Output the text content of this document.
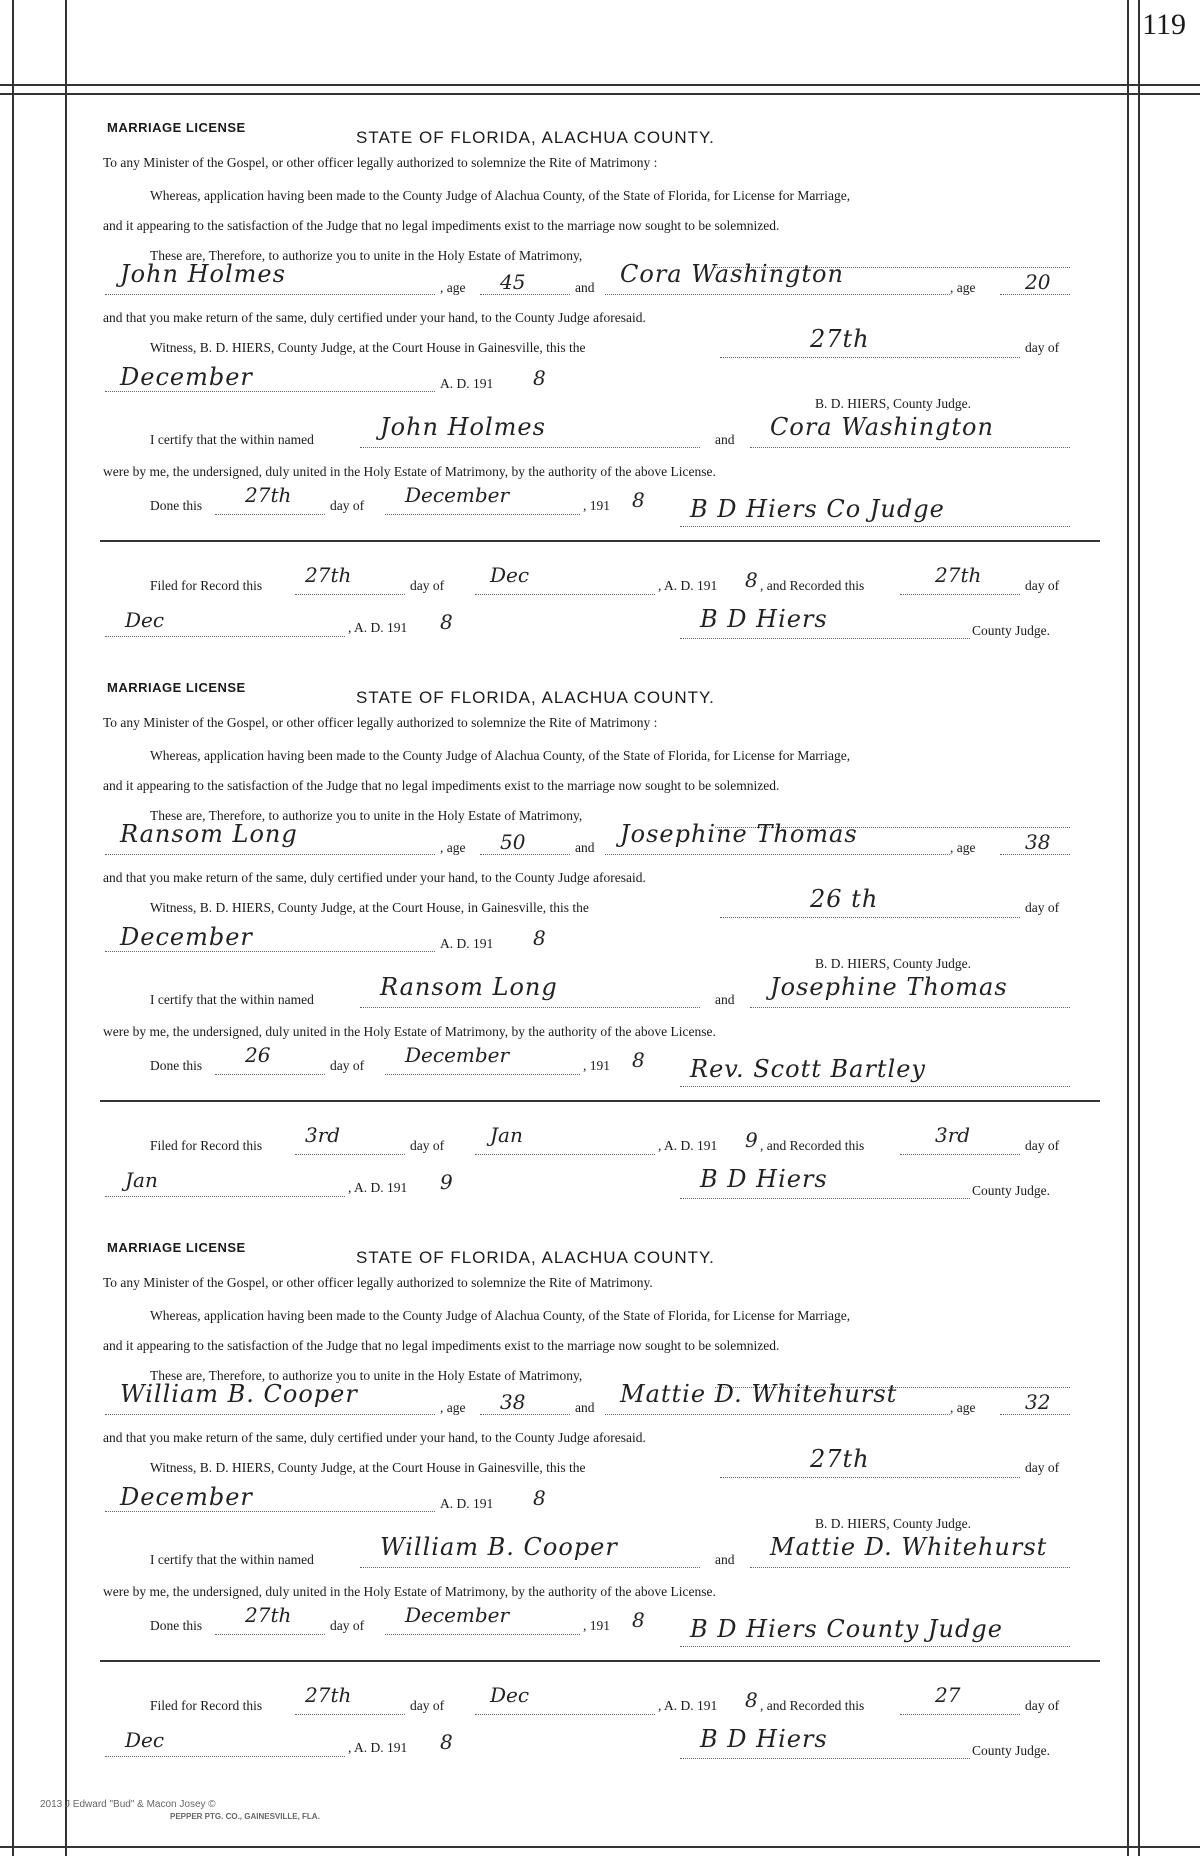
119
MARRIAGE LICENSE
STATE OF FLORIDA, ALACHUA COUNTY.
To any Minister of the Gospel, or other officer legally authorized to solemnize the Rite of Matrimony :
Whereas, application having been made to the County Judge of Alachua County, of the State of Florida, for License for Marriage,
and it appearing to the satisfaction of the Judge that no legal impediments exist to the marriage now sought to be solemnized.
These are, Therefore, to authorize you to unite in the Holy Estate of Matrimony,
John Holmes	, age 45	and Cora Washington	, age 20
and that you make return of the same, duly certified under your hand, to the County Judge aforesaid.
Witness, B. D. HIERS, County Judge, at the Court House in Gainesville, this the	27th	day of
December	A. D. 191 8
B. D. HIERS, County Judge.
I certify that the within named	John Holmes	and Cora Washington
were by me, the undersigned, duly united in the Holy Estate of Matrimony, by the authority of the above License.
Done this 27th	day of December	, 191 8 B D Hiers Co Judge
Filed for Record this 27th	day of Dec	, A. D. 191 8 , and Recorded this	27th	day of
Dec	, A. D. 191 8	B D Hiers	County Judge.
MARRIAGE LICENSE
STATE OF FLORIDA, ALACHUA COUNTY.
To any Minister of the Gospel, or other officer legally authorized to solemnize the Rite of Matrimony :
Whereas, application having been made to the County Judge of Alachua County, of the State of Florida, for License for Marriage,
and it appearing to the satisfaction of the Judge that no legal impediments exist to the marriage now sought to be solemnized.
These are, Therefore, to authorize you to unite in the Holy Estate of Matrimony,
Ransom Long	, age 50	and Josephine Thomas	, age 38
and that you make return of the same, duly certified under your hand, to the County Judge aforesaid.
Witness, B. D. HIERS, County Judge, at the Court House, in Gainesville, this the	26 th	day of
December	A. D. 191 8
B. D. HIERS, County Judge.
I certify that the within named	Ransom Long	and Josephine Thomas
were by me, the undersigned, duly united in the Holy Estate of Matrimony, by the authority of the above License.
Done this 26	day of December	, 191 8 Rev. Scott Bartley
Filed for Record this 3rd	day of Jan	, A. D. 191 9 , and Recorded this	3rd	day of
Jan	, A. D. 191 9	B D Hiers	County Judge.
MARRIAGE LICENSE
STATE OF FLORIDA, ALACHUA COUNTY.
To any Minister of the Gospel, or other officer legally authorized to solemnize the Rite of Matrimony.
Whereas, application having been made to the County Judge of Alachua County, of the State of Florida, for License for Marriage,
and it appearing to the satisfaction of the Judge that no legal impediments exist to the marriage now sought to be solemnized.
These are, Therefore, to authorize you to unite in the Holy Estate of Matrimony,
William B. Cooper	, age 38	and Mattie D. Whitehurst	, age 32
and that you make return of the same, duly certified under your hand, to the County Judge aforesaid.
Witness, B. D. HIERS, County Judge, at the Court House in Gainesville, this the	27th	day of
December	A. D. 191 8
B. D. HIERS, County Judge.
I certify that the within named	William B. Cooper	and Mattie D. Whitehurst
were by me, the undersigned, duly united in the Holy Estate of Matrimony, by the authority of the above License.
Done this 27th	day of December	, 191 8 B D Hiers County Judge
Filed for Record this 27th	day of Dec	, A. D. 191 8 , and Recorded this	27	day of
Dec	, A. D. 191 8	B D Hiers	County Judge.
2013 J Edward "Bud" & Macon Josey ©
PEPPER PTG. CO., GAINESVILLE, FLA.
